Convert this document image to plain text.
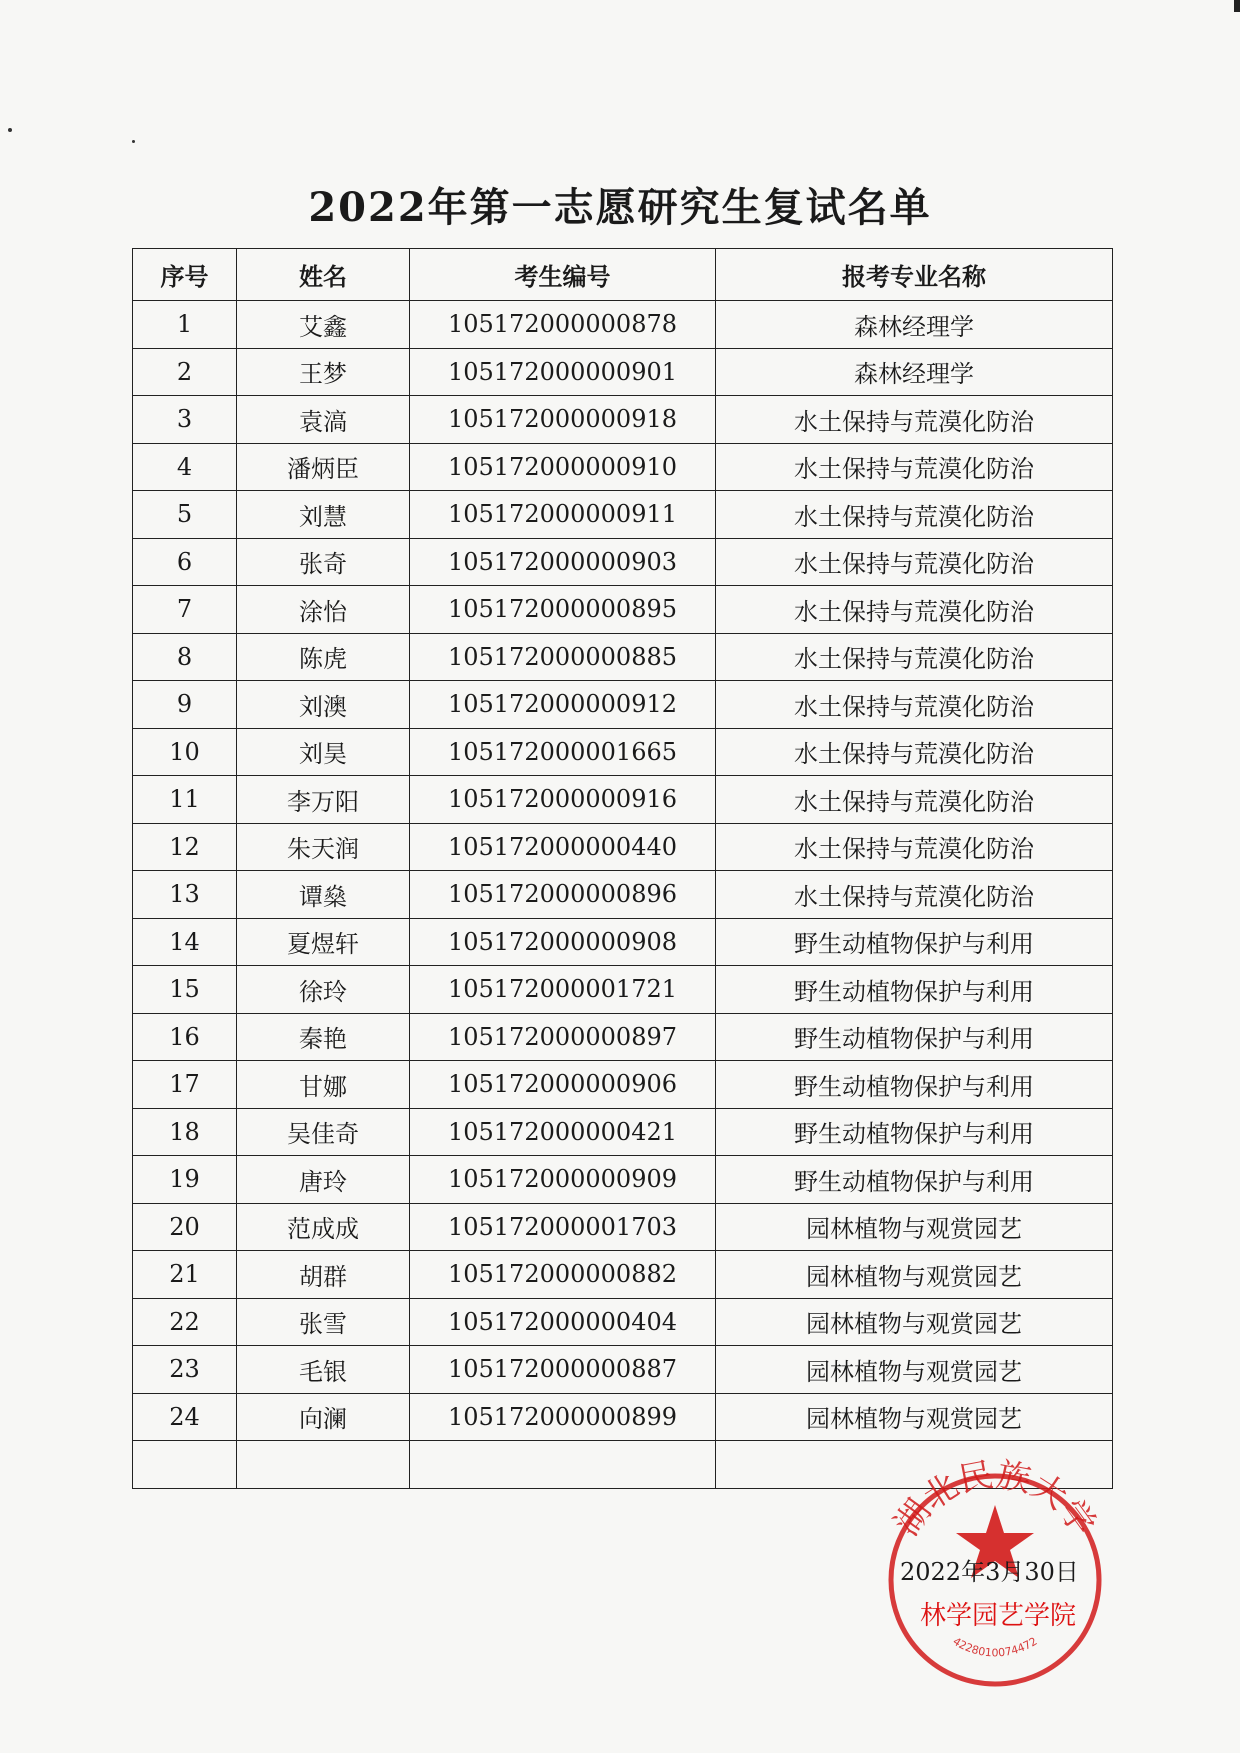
2022年第一志愿研究生复试名单
序号	姓名	考生编号	报考专业名称
1	艾鑫	105172000000878	森林经理学
2	王梦	105172000000901	森林经理学
3	袁滈	105172000000918	水土保持与荒漠化防治
4	潘炳臣	105172000000910	水土保持与荒漠化防治
5	刘慧	105172000000911	水土保持与荒漠化防治
6	张奇	105172000000903	水土保持与荒漠化防治
7	涂怡	105172000000895	水土保持与荒漠化防治
8	陈虎	105172000000885	水土保持与荒漠化防治
9	刘澳	105172000000912	水土保持与荒漠化防治
10	刘昊	105172000001665	水土保持与荒漠化防治
11	李万阳	105172000000916	水土保持与荒漠化防治
12	朱天润	105172000000440	水土保持与荒漠化防治
13	谭燊	105172000000896	水土保持与荒漠化防治
14	夏煜轩	105172000000908	野生动植物保护与利用
15	徐玲	105172000001721	野生动植物保护与利用
16	秦艳	105172000000897	野生动植物保护与利用
17	甘娜	105172000000906	野生动植物保护与利用
18	吴佳奇	105172000000421	野生动植物保护与利用
19	唐玲	105172000000909	野生动植物保护与利用
20	范成成	105172000001703	园林植物与观赏园艺
21	胡群	105172000000882	园林植物与观赏园艺
22	张雪	105172000000404	园林植物与观赏园艺
23	毛银	105172000000887	园林植物与观赏园艺
24	向澜	105172000000899	园林植物与观赏园艺

湖北民族大学
4228010074472
2022年3月30日
林学园艺学院
